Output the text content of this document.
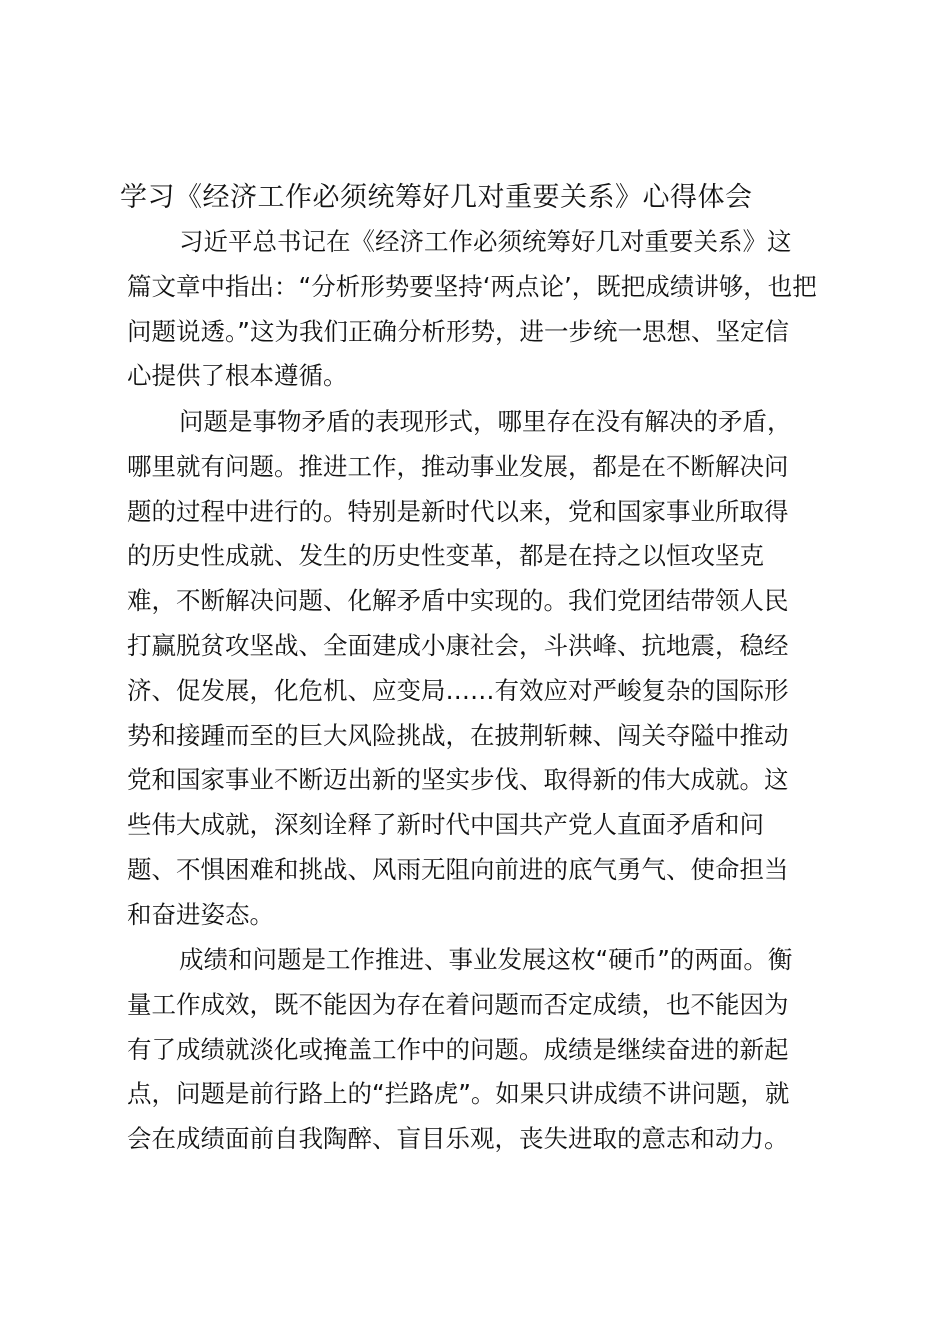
学习《经济工作必须统筹好几对重要关系》心得体会
习近平总书记在《经济工作必须统筹好几对重要关系》这
篇文章中指出：“分析形势要坚持‘两点论’，既把成绩讲够，也把
问题说透。”这为我们正确分析形势，进一步统一思想、坚定信
心提供了根本遵循。
问题是事物矛盾的表现形式，哪里存在没有解决的矛盾，
哪里就有问题。推进工作，推动事业发展，都是在不断解决问
题的过程中进行的。特别是新时代以来，党和国家事业所取得
的历史性成就、发生的历史性变革，都是在持之以恒攻坚克
难，不断解决问题、化解矛盾中实现的。我们党团结带领人民
打赢脱贫攻坚战、全面建成小康社会，斗洪峰、抗地震，稳经
济、促发展，化危机、应变局……有效应对严峻复杂的国际形
势和接踵而至的巨大风险挑战，在披荆斩棘、闯关夺隘中推动
党和国家事业不断迈出新的坚实步伐、取得新的伟大成就。这
些伟大成就，深刻诠释了新时代中国共产党人直面矛盾和问
题、不惧困难和挑战、风雨无阻向前进的底气勇气、使命担当
和奋进姿态。
成绩和问题是工作推进、事业发展这枚“硬币”的两面。衡
量工作成效，既不能因为存在着问题而否定成绩，也不能因为
有了成绩就淡化或掩盖工作中的问题。成绩是继续奋进的新起
点，问题是前行路上的“拦路虎”。如果只讲成绩不讲问题，就
会在成绩面前自我陶醉、盲目乐观，丧失进取的意志和动力。
